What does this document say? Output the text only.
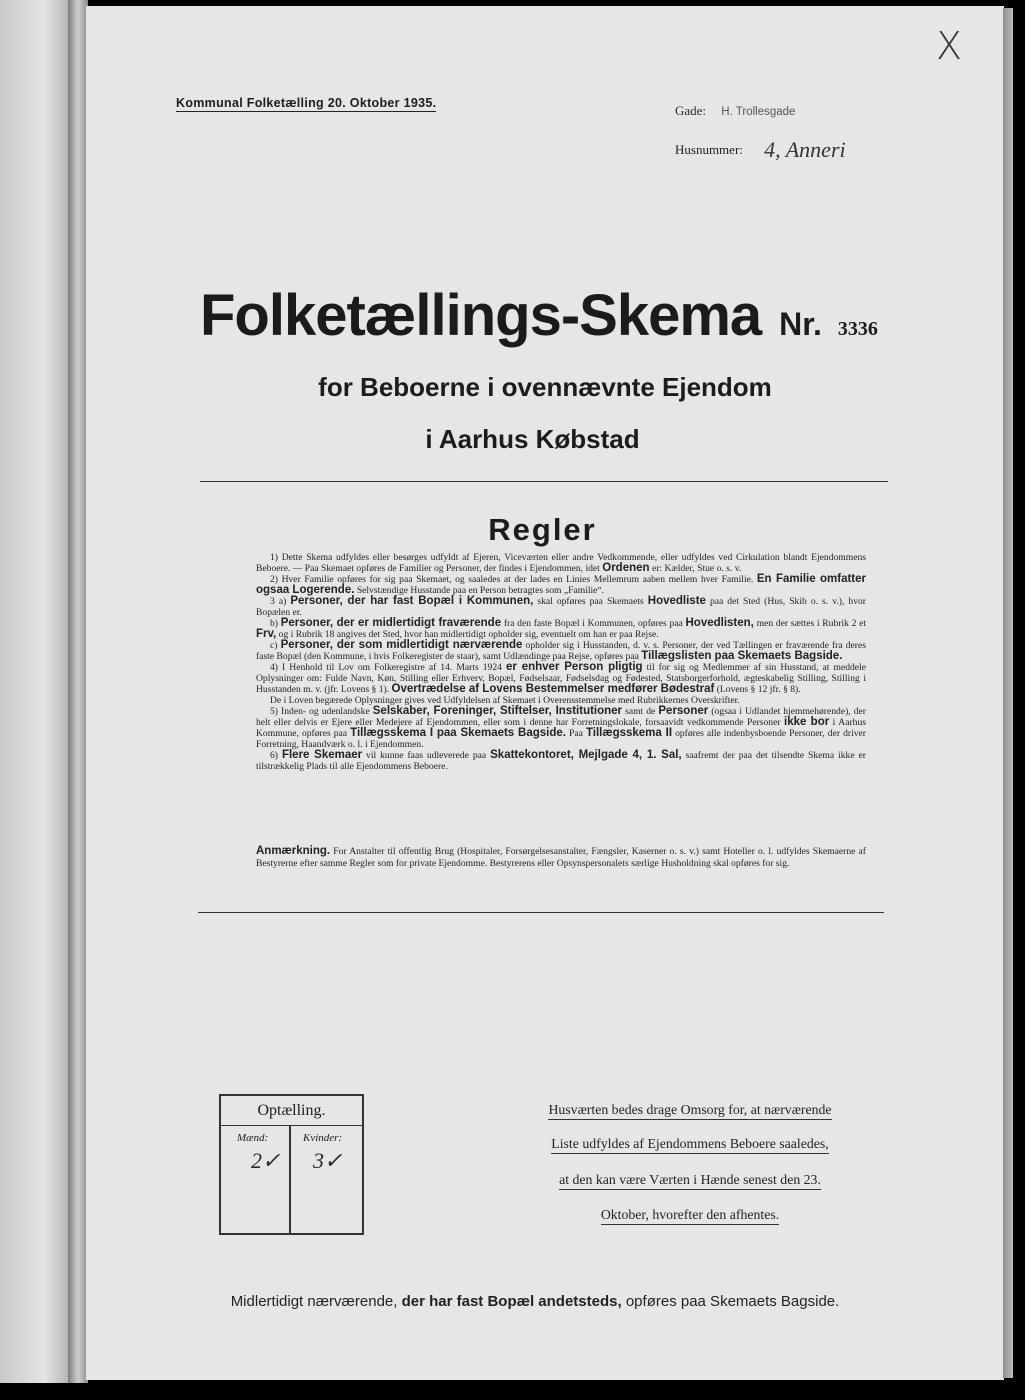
X
Kommunal Folketælling 20. Oktober 1935.	Gade: H. Trollesgade
Husnummer: 4, Anneri
Folketællings-Skema Nr. 3336
for Beboerne i ovennævnte Ejendom
i Aarhus Købstad
Regler

1) Dette Skema udfyldes eller besørges udfyldt af Ejeren, Viceværten eller andre Vedkommende, eller udfyldes ved Cirkulation blandt Ejendommens Beboere. — Paa Skemaet opføres de Familier og Personer, der findes i Ejendommen, idet Ordenen er: Kælder, Stue o. s. v.

2) Hver Familie opføres for sig paa Skemaet, og saaledes at der lades en Linies Mellemrum aaben mellem hver Familie. En Familie omfatter ogsaa Logerende. Selvstændige Husstande paa en Person betragtes som „Familie“.

3 a) Personer, der har fast Bopæl i Kommunen, skal opføres paa Skemaets Hovedliste paa det Sted (Hus, Skib o. s. v.), hvor Bopælen er.

b) Personer, der er midlertidigt fraværende fra den faste Bopæl i Kommunen, opføres paa Hovedlisten, men der sættes i Rubrik 2 et Frv, og i Rubrik 18 angives det Sted, hvor han midlertidigt opholder sig, eventuelt om han er paa Rejse.

c) Personer, der som midlertidigt nærværende opholder sig i Husstanden, d. v. s. Personer, der ved Tællingen er fraværende fra deres faste Bopæl (den Kommune, i hvis Folkeregister de staar), samt Udlændinge paa Rejse, opføres paa Tillægslisten paa Skemaets Bagside.

4) I Henhold til Lov om Folkeregistre af 14. Marts 1924 er enhver Person pligtig til for sig og Medlemmer af sin Husstand, at meddele Oplysninger om: Fulde Navn, Køn, Stilling eller Erhverv, Bopæl, Fødselsaar, Fødselsdag og Fødested, Statsborgerforhold, ægteskabelig Stilling, Stilling i Husstanden m. v. (jfr. Lovens § 1). Overtrædelse af Lovens Bestemmelser medfører Bødestraf (Lovens § 12 jfr. § 8).

De i Loven begærede Oplysninger gives ved Udfyldelsen af Skemaet i Overensstemmelse med Rubrikkernes Overskrifter.

5) Inden- og udenlandske Selskaber, Foreninger, Stiftelser, Institutioner samt de Personer (ogsaa i Udlandet hjemmehørende), der helt eller delvis er Ejere eller Medejere af Ejendommen, eller som i denne har Forretningslokale, forsaavidt vedkommende Personer ikke bor i Aarhus Kommune, opføres paa Tillægsskema I paa Skemaets Bagside. Paa Tillægsskema II opføres alle indenbysboende Personer, der driver Forretning, Haandværk o. l. i Ejendommen.

6) Flere Skemaer vil kunne faas udleverede paa Skattekontoret, Mejlgade 4, 1. Sal, saafremt der paa det tilsendte Skema ikke er tilstrækkelig Plads til alle Ejendommens Beboere.

Anmærkning. For Anstalter til offentlig Brug (Hospitaler, Forsørgelsesanstalter, Fængsler, Kaserner o. s. v.) samt Hoteller o. l. udfyldes Skemaerne af Bestyrerne efter samme Regler som for private Ejendomme. Bestyrerens eller Opsynspersonalets særlige Husholdning skal opføres for sig.
Optælling.
Mænd:	Kvinder:
2✓ 3✓
Husværten bedes drage Omsorg for, at nærværende
Liste udfyldes af Ejendommens Beboere saaledes,
at den kan være Værten i Hænde senest den 23.
Oktober, hvorefter den afhentes.
Midlertidigt nærværende, der har fast Bopæl andetsteds, opføres paa Skemaets Bagside.
